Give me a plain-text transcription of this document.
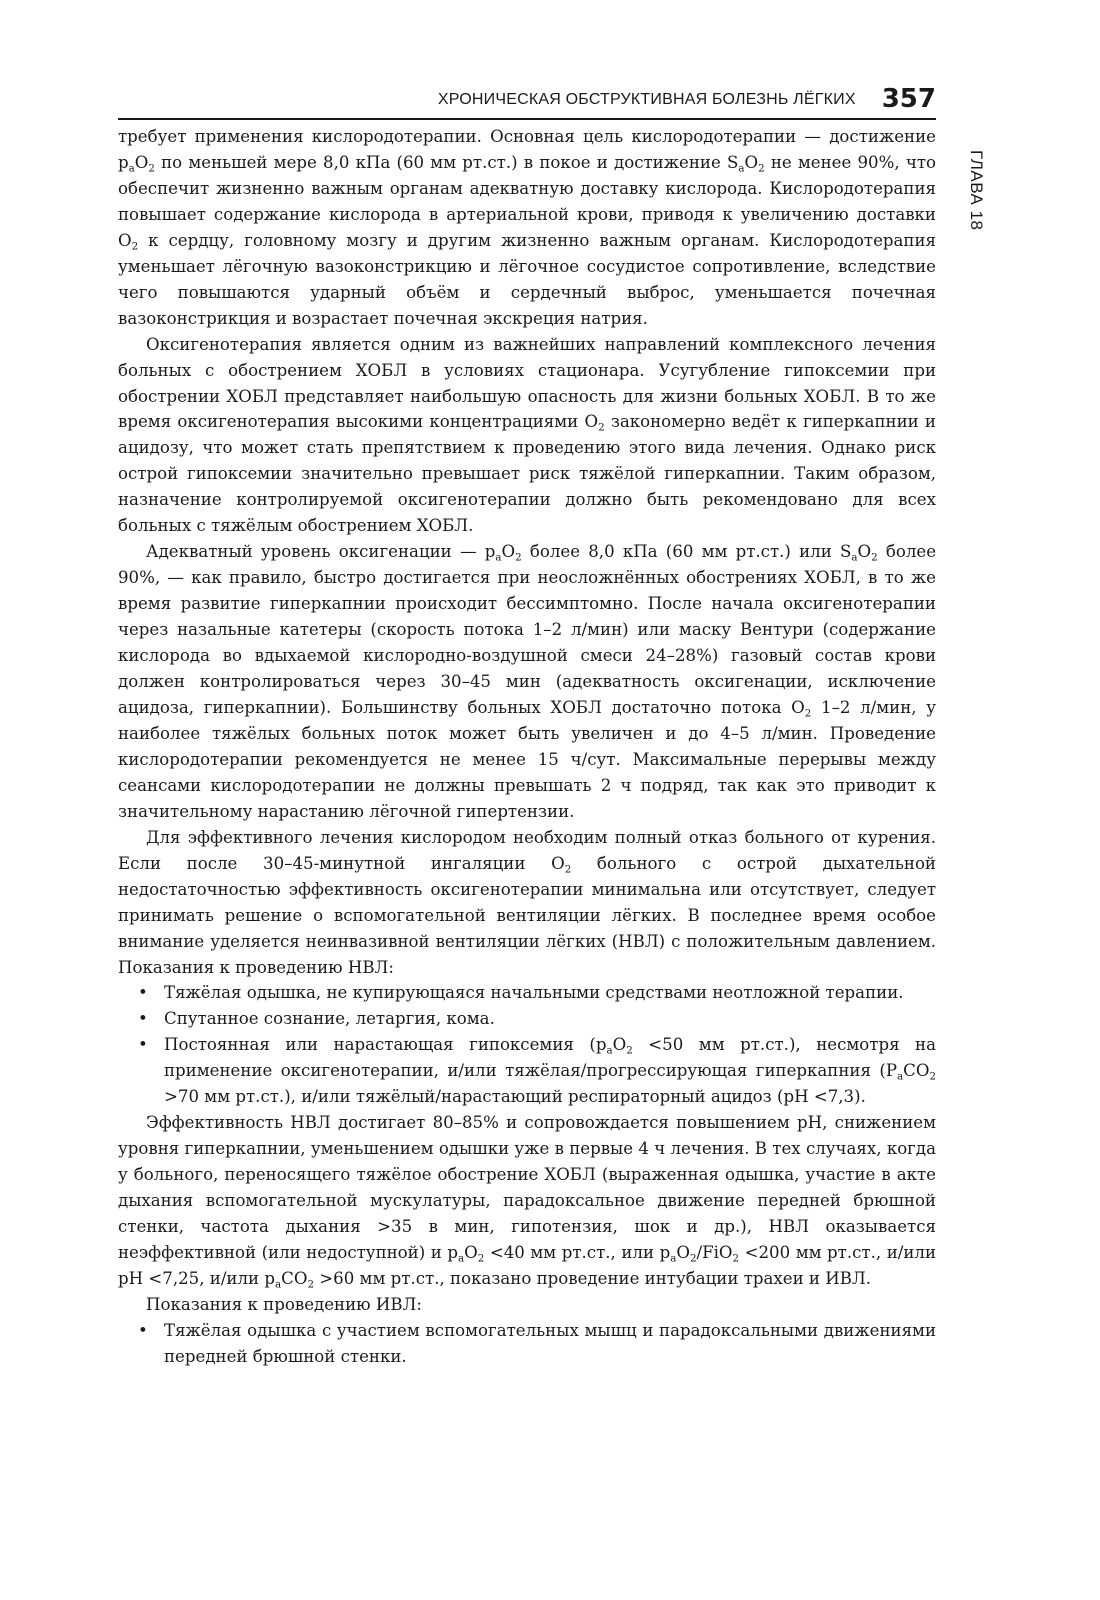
ХРОНИЧЕСКАЯ ОБСТРУКТИВНАЯ БОЛЕЗНЬ ЛЁГКИХ 357
ГЛАВА 18

требует применения кислородотерапии. Основная цель кислородотерапии — достижение $p_aO_2$ по меньшей мере 8,0 кПа (60 мм рт.ст.) в покое и достижение $S_aO_2$ не менее 90%, что обеспечит жизненно важным органам адекватную доставку кислорода. Кислородотерапия повышает содержание кислорода в артериальной крови, приводя к увеличению доставки $O_2$ к сердцу, головному мозгу и другим жизненно важным органам. Кислородотерапия уменьшает лёгочную вазоконстрикцию и лёгочное сосудистое сопротивление, вследствие чего повышаются ударный объём и сердечный выброс, уменьшается почечная вазоконстрикция и возрастает почечная экскреция натрия.

Оксигенотерапия является одним из важнейших направлений комплексного лечения больных с обострением ХОБЛ в условиях стационара. Усугубление гипоксемии при обострении ХОБЛ представляет наибольшую опасность для жизни больных ХОБЛ. В то же время оксигенотерапия высокими концентрациями $O_2$ закономерно ведёт к гиперкапнии и ацидозу, что может стать препятствием к проведению этого вида лечения. Однако риск острой гипоксемии значительно превышает риск тяжёлой гиперкапнии. Таким образом, назначение контролируемой оксигенотерапии должно быть рекомендовано для всех больных с тяжёлым обострением ХОБЛ.

Адекватный уровень оксигенации — $p_aO_2$ более 8,0 кПа (60 мм рт.ст.) или $S_aO_2$ более 90%, — как правило, быстро достигается при неосложнённых обострениях ХОБЛ, в то же время развитие гиперкапнии происходит бессимптомно. После начала оксигенотерапии через назальные катетеры (скорость потока 1–2 л/мин) или маску Вентури (содержание кислорода во вдыхаемой кислородно-воздушной смеси 24–28%) газовый состав крови должен контролироваться через 30–45 мин (адекватность оксигенации, исключение ацидоза, гиперкапнии). Большинству больных ХОБЛ достаточно потока $O_2$ 1–2 л/мин, у наиболее тяжёлых больных поток может быть увеличен и до 4–5 л/мин. Проведение кислородотерапии рекомендуется не менее 15 ч/сут. Максимальные перерывы между сеансами кислородотерапии не должны превышать 2 ч подряд, так как это приводит к значительному нарастанию лёгочной гипертензии.

Для эффективного лечения кислородом необходим полный отказ больного от курения. Если после 30–45-минутной ингаляции $O_2$ больного с острой дыхательной недостаточностью эффективность оксигенотерапии минимальна или отсутствует, следует принимать решение о вспомогательной вентиляции лёгких. В последнее время особое внимание уделяется неинвазивной вентиляции лёгких (НВЛ) с положительным давлением. Показания к проведению НВЛ:

• Тяжёлая одышка, не купирующаяся начальными средствами неотложной терапии.
• Спутанное сознание, летаргия, кома.
• Постоянная или нарастающая гипоксемия ($p_aO_2 <50$ мм рт.ст.), несмотря на применение оксигенотерапии, и/или тяжёлая/прогрессирующая гиперкапния ($P_aCO_2 >70$ мм рт.ст.), и/или тяжёлый/нарастающий респираторный ацидоз (pH <7,3).

Эффективность НВЛ достигает 80–85% и сопровождается повышением pH, снижением уровня гиперкапнии, уменьшением одышки уже в первые 4 ч лечения. В тех случаях, когда у больного, переносящего тяжёлое обострение ХОБЛ (выраженная одышка, участие в акте дыхания вспомогательной мускулатуры, парадоксальное движение передней брюшной стенки, частота дыхания >35 в мин, гипотензия, шок и др.), НВЛ оказывается неэффективной (или недоступной) и $p_aO_2 <40$ мм рт.ст., или $p_aO_2/FiO_2 <200$ мм рт.ст., и/или pH <7,25, и/или $p_aCO_2 >60$ мм рт.ст., показано проведение интубации трахеи и ИВЛ.

Показания к проведению ИВЛ:

• Тяжёлая одышка с участием вспомогательных мышц и парадоксальными движениями передней брюшной стенки.
